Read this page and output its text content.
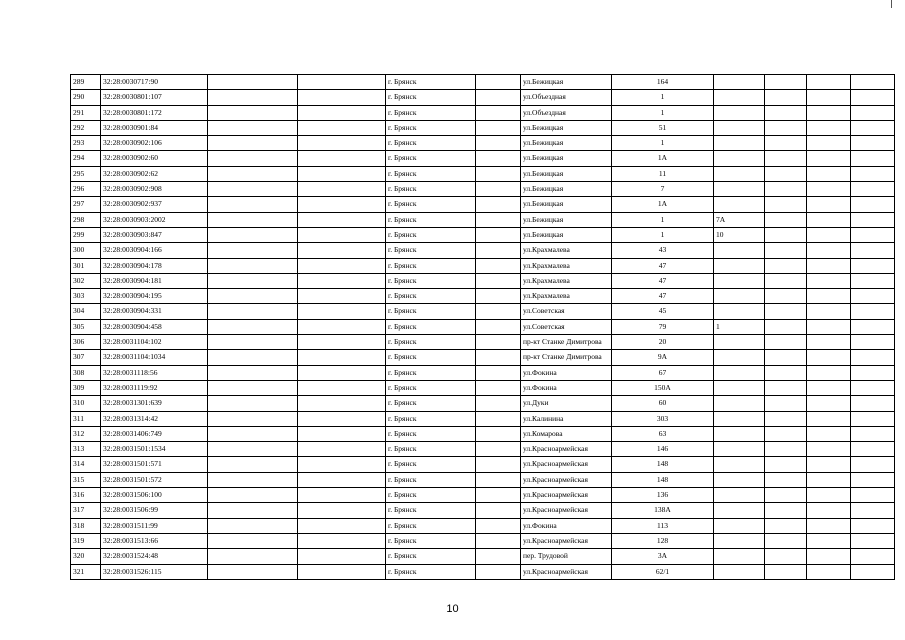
289	32:28:0030717:90			г. Брянск		ул.Бежицкая	164				
290	32:28:0030801:107			г. Брянск		ул.Объездная	1				
291	32:28:0030801:172			г. Брянск		ул.Объездная	1				
292	32:28:0030901:84			г. Брянск		ул.Бежицкая	51				
293	32:28:0030902:106			г. Брянск		ул.Бежицкая	1				
294	32:28:0030902:60			г. Брянск		ул.Бежицкая	1А				
295	32:28:0030902:62			г. Брянск		ул.Бежицкая	11				
296	32:28:0030902:908			г. Брянск		ул.Бежицкая	7				
297	32:28:0030902:937			г. Брянск		ул.Бежицкая	1А				
298	32:28:0030903:2002			г. Брянск		ул.Бежицкая	1	7А			
299	32:28:0030903:847			г. Брянск		ул.Бежицкая	1	10			
300	32:28:0030904:166			г. Брянск		ул.Крахмалева	43				
301	32:28:0030904:178			г. Брянск		ул.Крахмалева	47				
302	32:28:0030904:181			г. Брянск		ул.Крахмалева	47				
303	32:28:0030904:195			г. Брянск		ул.Крахмалева	47				
304	32:28:0030904:331			г. Брянск		ул.Советская	45				
305	32:28:0030904:458			г. Брянск		ул.Советская	79	1			
306	32:28:0031104:102			г. Брянск		пр-кт Станке Димитрова	20				
307	32:28:0031104:1034			г. Брянск		пр-кт Станке Димитрова	9А				
308	32:28:0031118:56			г. Брянск		ул.Фокина	67				
309	32:28:0031119:92			г. Брянск		ул.Фокина	150А				
310	32:28:0031301:639			г. Брянск		ул.Дуки	60				
311	32:28:0031314:42			г. Брянск		ул.Калинина	303				
312	32:28:0031406:749			г. Брянск		ул.Комарова	63				
313	32:28:0031501:1534			г. Брянск		ул.Красноармейская	146				
314	32:28:0031501:571			г. Брянск		ул.Красноармейская	148				
315	32:28:0031501:572			г. Брянск		ул.Красноармейская	148				
316	32:28:0031506:100			г. Брянск		ул.Красноармейская	136				
317	32:28:0031506:99			г. Брянск		ул.Красноармейская	138А				
318	32:28:0031511:99			г. Брянск		ул.Фокина	113				
319	32:28:0031513:66			г. Брянск		ул.Красноармейская	128				
320	32:28:0031524:48			г. Брянск		пер. Трудовой	3А				
321	32:28:0031526:115			г. Брянск		ул.Красноармейская	62/1				
10
